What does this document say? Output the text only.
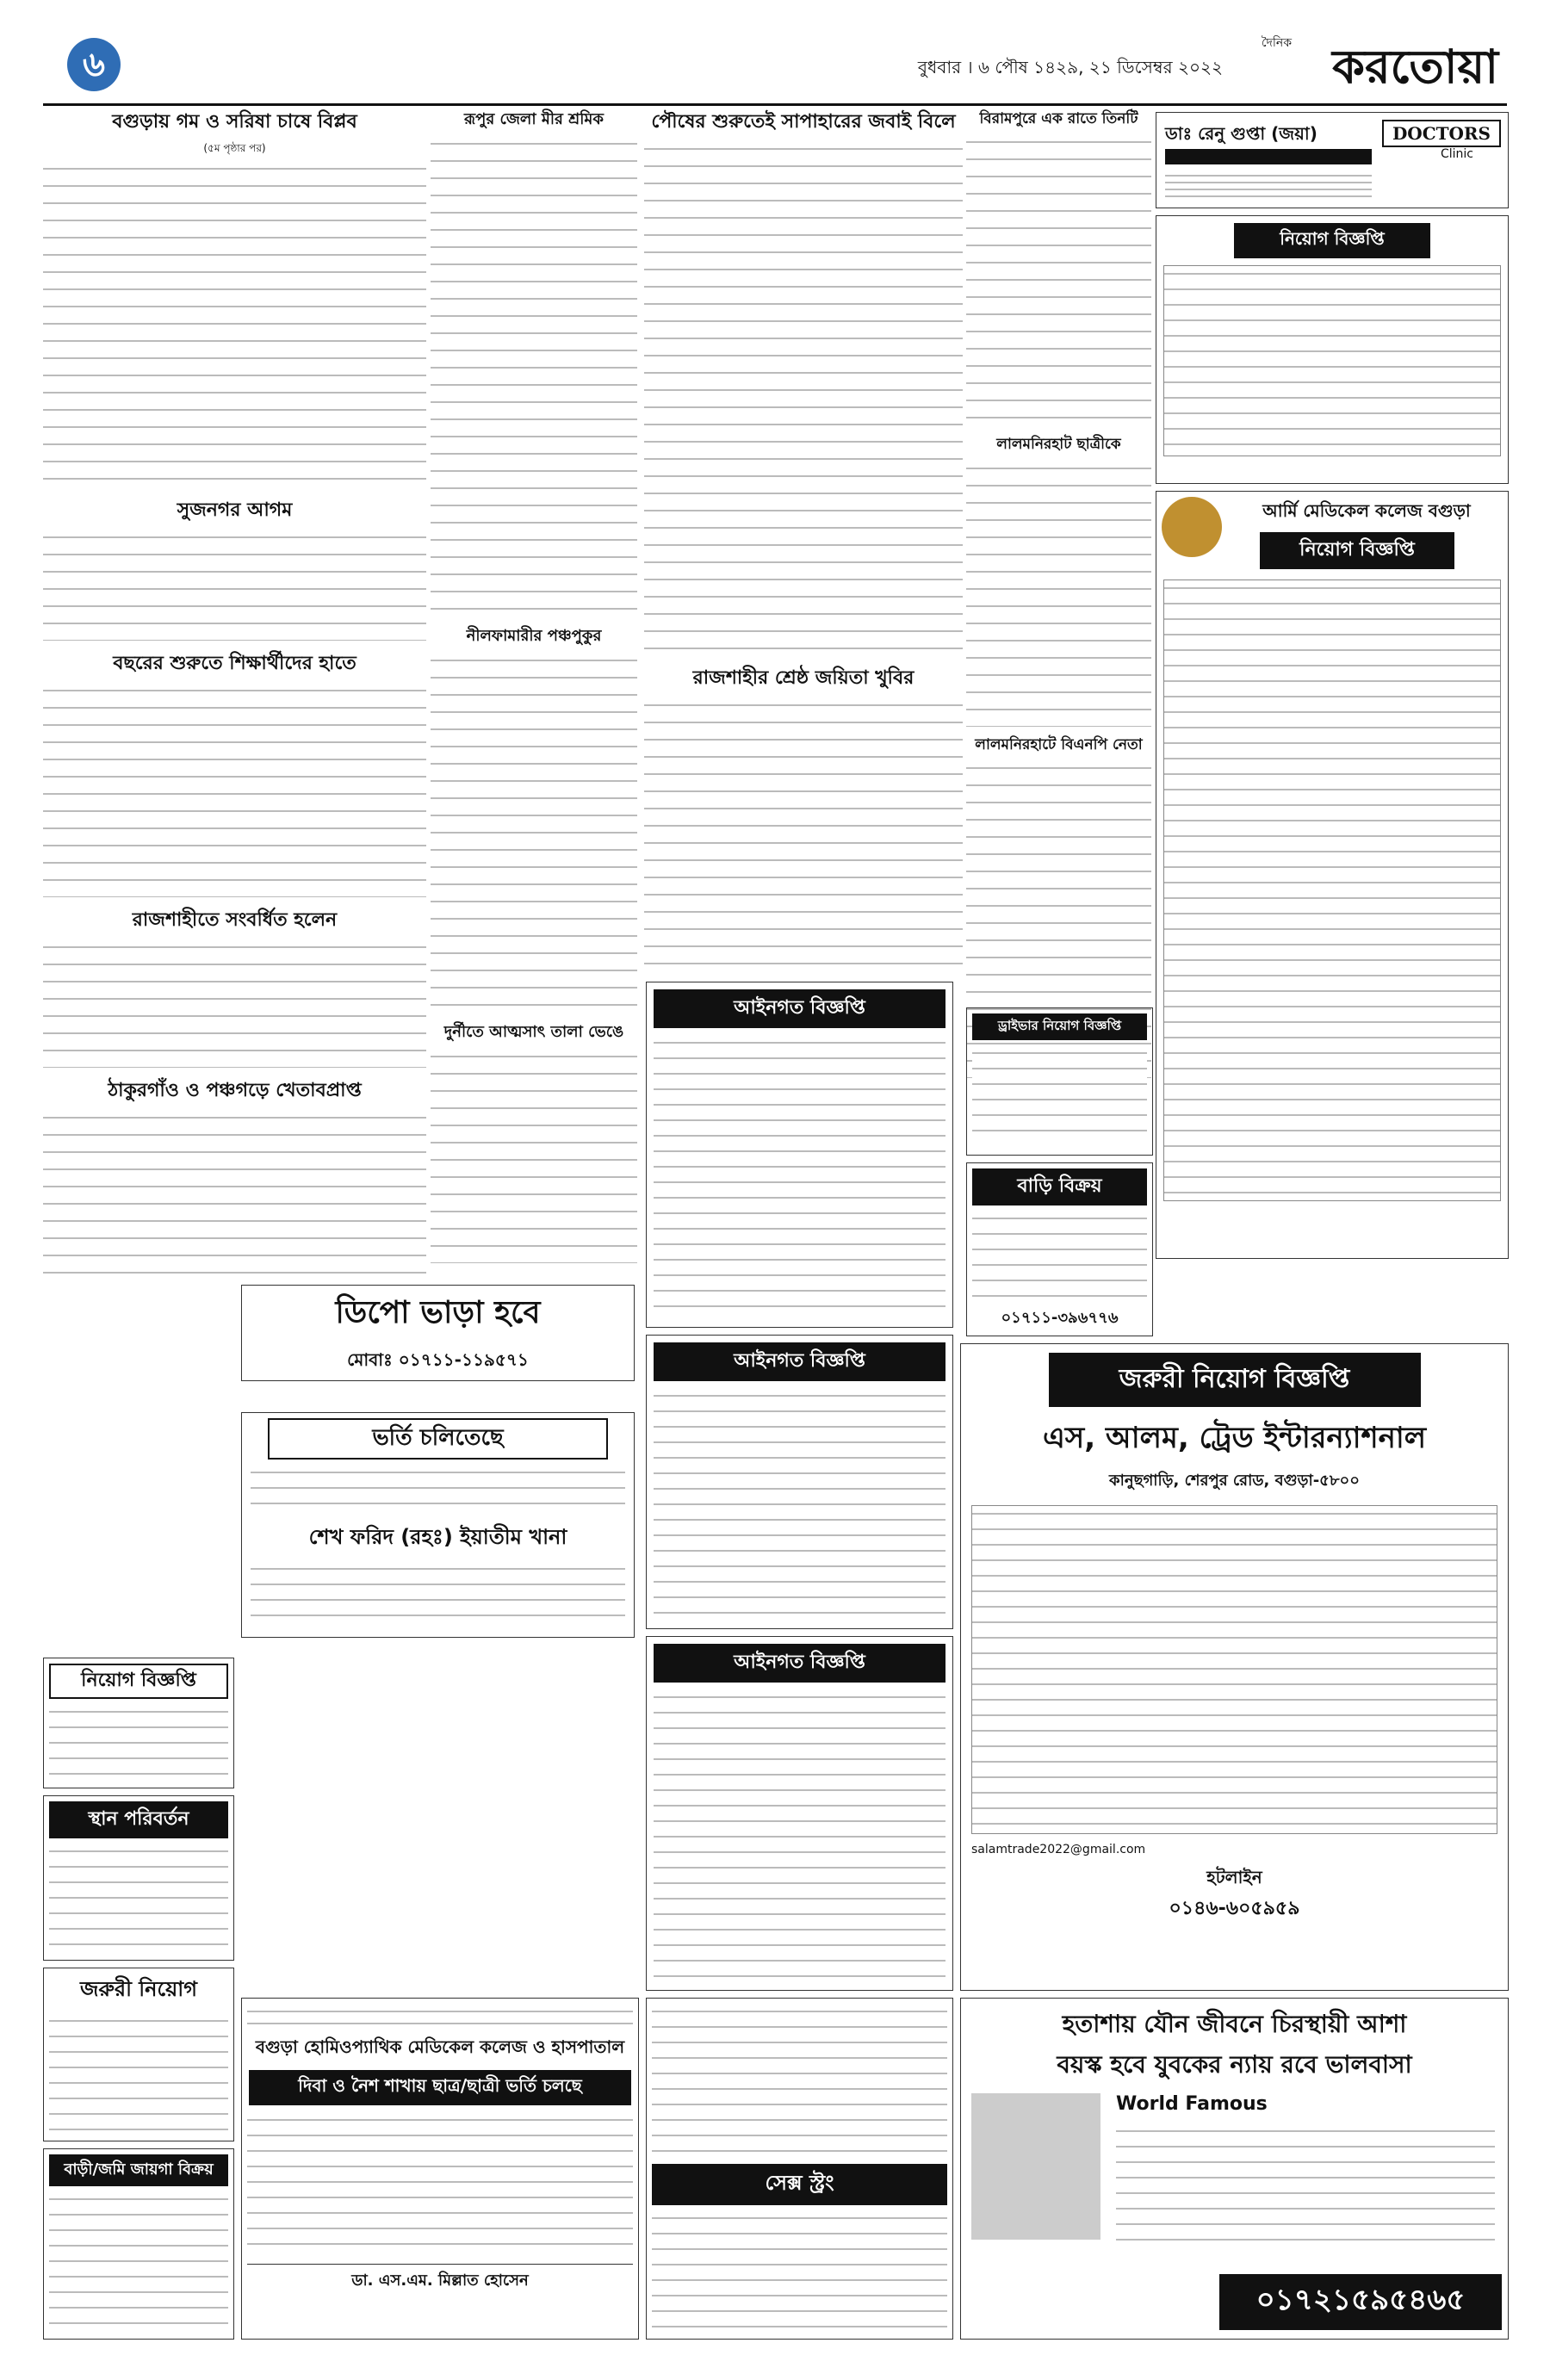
৬	বুধবার । ৬ পৌষ ১৪২৯, ২১ ডিসেম্বর ২০২২
দৈনিক করতোয়া
বগুড়ায় গম ও সরিষা চাষে বিপ্লব
(৫ম পৃষ্ঠার পর)
সুজনগর আগম
বছরের শুরুতে শিক্ষার্থীদের হাতে
রাজশাহীতে সংবর্ধিত হলেন
ঠাকুরগাঁও ও পঞ্চগড়ে খেতাবপ্রাপ্ত
রূপুর জেলা মীর শ্রমিক
নীলফামারীর পঞ্চপুকুর
দুর্নীতে আত্মসাৎ তালা ভেঙে
পৌষের শুরুতেই সাপাহারের জবাই বিলে
রাজশাহীর শ্রেষ্ঠ জয়িতা খুবির
বিরামপুরে এক রাতে তিনটি
লালমনিরহাট ছাত্রীকে
লালমনিরহাটে বিএনপি নেতা
ডাঃ রেনু গুপ্তা (জয়া)	DOCTORS
Clinic
নিয়োগ বিজ্ঞপ্তি
আর্মি মেডিকেল কলেজ বগুড়া
নিয়োগ বিজ্ঞপ্তি
আইনগত বিজ্ঞপ্তি
ড্রাইভার নিয়োগ বিজ্ঞপ্তি
বাড়ি বিক্রয়
০১৭১১-৩৯৬৭৭৬
আইনগত বিজ্ঞপ্তি
আইনগত বিজ্ঞপ্তি
জরুরী নিয়োগ বিজ্ঞপ্তি
এস, আলম, ট্রেড ইন্টারন্যাশনাল
কানুছগাড়ি, শেরপুর রোড, বগুড়া-৫৮০০
salamtrade2022@gmail.com
হটলাইন
০১৪৬-৬০৫৯৫৯
ডিপো ভাড়া হবে
মোবাঃ ০১৭১১-১১৯৫৭১
ভর্তি চলিতেছে
শেখ ফরিদ (রহঃ) ইয়াতীম খানা
নিয়োগ বিজ্ঞপ্তি
স্থান পরিবর্তন
জরুরী নিয়োগ
বাড়ী/জমি জায়গা বিক্রয়
বগুড়া হোমিওপ্যাথিক মেডিকেল কলেজ ও হাসপাতাল
দিবা ও নৈশ শাখায় ছাত্র/ছাত্রী ভর্তি চলছে
ডা. এস.এম. মিল্লাত হোসেন
সেক্স স্ট্রং
হতাশায় যৌন জীবনে চিরস্থায়ী আশা
বয়স্ক হবে যুবকের ন্যায় রবে ভালবাসা
World Famous
০১৭২১৫৯৫৪৬৫
